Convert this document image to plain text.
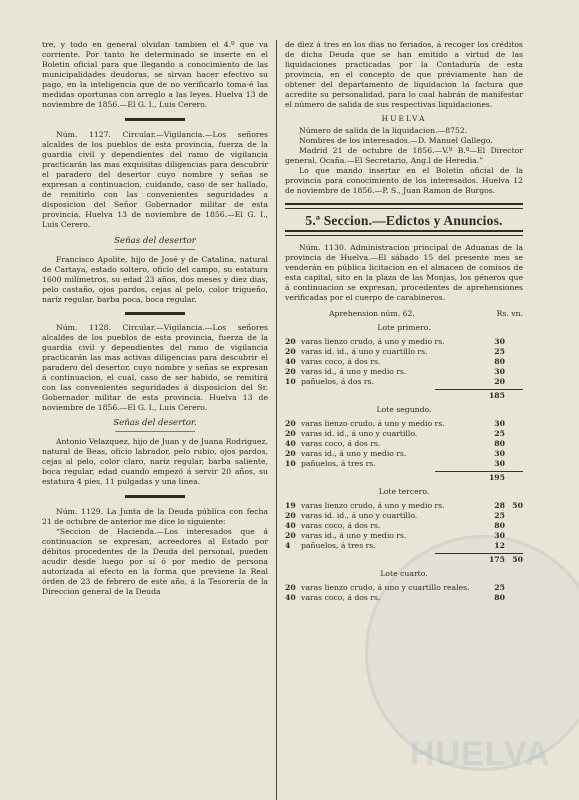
HUELVA

tre, y todo en general olvidan tambien el 4.º que va corriente. Por tanto he determinado se inserte en el Boletin oficial para que llegando a conocimiento de las municipalidades deudoras, se sirvan hacer efectivo su pago, en la inteligencia que de no verificarlo toma-é las medidas oportunas con arreglo a las leyes. Huelva 13 de noviembre de 1856.—El G. I., Luis Cerero.

Núm. 1127. Circular.—Vigilancia.—Los señores alcaldes de los pueblos de esta provincia, fuerza de la guardia civil y dependientes del ramo de vigilancia practicarán las mas exquisitas diligencias para descubrir el paradero del desertor cuyo nombre y señas se expresan a continuacion, cuidando, caso de ser hallado, de remitirlo con las convenientes seguridades a disposicion del Señor Gobernador militar de esta provincia. Huelva 13 de noviembre de 1856.—El G. I., Luis Cerero.

Señas del desertor

Francisco Apolite, hijo de José y de Catalina, natural de Cartaya, estado soltero, oficio del campo, su estatura 1600 milímetros, su edad 23 años, dos meses y diez dias, pelo castaño, ojos pardos, cejas al pelo, color trigueño, nariz regular, barba poca, boca regular.

Núm. 1128. Circular.—Vigilancia.—Los señores alcaldes de los pueblos de esta provincia, fuerza de la guardia civil y dependientes del ramo de vigilancia practicarán las mas activas diligencias para descubrir el paradero del desertor, cuyo nombre y señas se expresan á continuacion, el cual, caso de ser habido, se remitirá con las convenientes seguridades á disposicion del Sr. Gobernador militar de esta provincia. Huelva 13 de noviembre de 1856.—El G. I., Luis Cerero.

Señas del desertor.

Antonio Velazquez, hijo de Juan y de Juana Rodriguez, natural de Beas, oficio labrador, pelo rubio, ojos pardos, cejas al pelo, color claro, nariz regular, barba saliente, boca regular, edad cuando empezó á servir 20 años, su estatura 4 pies, 11 pulgadas y una linea.

Núm. 1129. La Junta de la Deuda pública con fecha 21 de octubre de anterior me dice lo siguiente:

“Seccion de Hacienda.—Los interesados que á continuacion se expresan, acreedores al Estado por débitos procedentes de la Deuda del personal, pueden acudir desde luego por sí ó por medio de persona autorizada al efecto en la forma que previene la Real órden de 23 de febrero de este año, á la Tesorería de la Direccion general de la Deuda

de diez á tres en los dias no feriados, á recoger los créditos de dicha Deuda que se han emitido a virtud de las liquidaciones practicadas por la Contaduría de esta provincia, en el concepto de que préviamente han de obtener del departamento de liquidacion la factura que acredite su personalidad, para lo cual habrán de manifestar el número de salida de sus respectivas liquidaciones.

HUELVA

Número de salida de la liquidacion.—8752.

Nombres de los interesados.—D. Manuel Gallego.

Madrid 21 de octubre de 1856.—V.º B.º—El Director general, Ocaña.—El Secretario, Ang.l de Heredia.”

Lo que mando insertar en el Boletin oficial de la provincia para conocimiento de los interesados. Huelva 12 de noviembre de 1856.—P. S., Juan Ramon de Burgos.

5.ª Seccion.—Edictos y Anuncios.

Núm. 1130. Administracion principal de Aduanas de la provincia de Huelva.—El sábado 15 del presente mes se venderán en pública licitacion en el almacen de comisos de esta capital, sito en la plaza de las Monjas, los géneros que á continuacion se expresan, procedentes de aprehensiones verificadas por el cuerpo de carabineros.

Aprehension núm. 62.	Rs. vn.
Lote primero.
20	varas lienzo crudo, á uno y medio rs.	30	
20	varas id. id., á uno y cuartillo rs.	25	
40	varas coco, á dos rs.	80	
20	varas id., á uno y medio rs.	30	
10	pañuelos, á dos rs.	20	
185
Lote segundo.
20	varas lienzo crudo, á uno y medio rs.	30	
20	varas id. id., á uno y cuartillo.	25	
40	varas coco, á dos rs.	80	
20	varas id., á uno y medio rs.	30	
10	pañuelos, á tres rs.	30	
195
Lote tercero.
19	varas lienzo crudo, á uno y medio rs.	28	50
20	varas id. id., á uno y cuartillo.	25	
40	varas coco, á dos rs.	80	
20	varas id., á uno y medio rs.	30	
4	pañuelos, á tres rs.	12	
175 50
Lote cuarto.
20	varas lienzo crudo, á uno y cuartillo reales.	25	
40	varas coco, á dos rs.	80	
